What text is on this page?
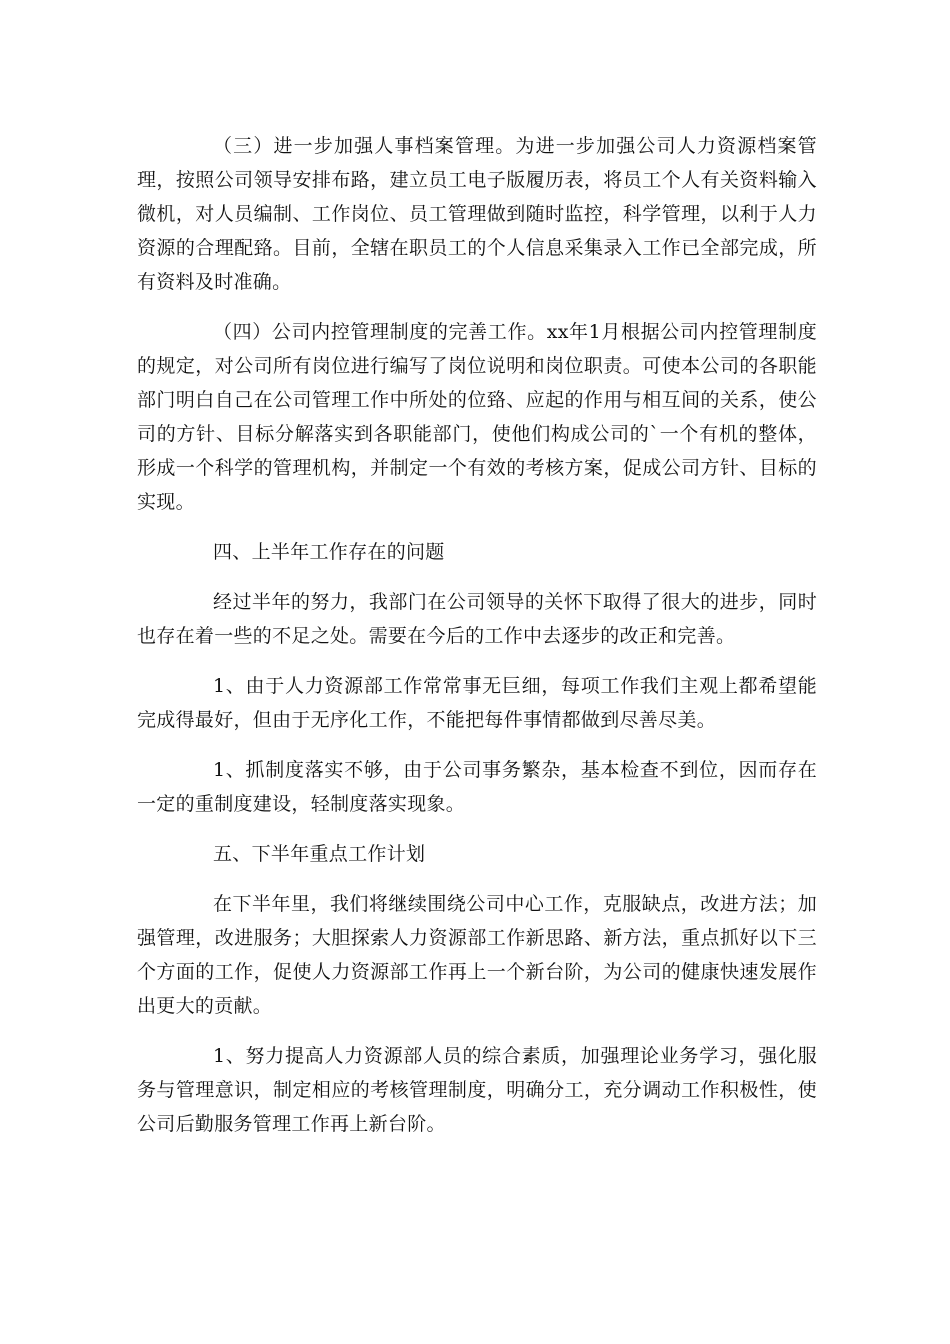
（三）进一步加强人事档案管理。为进一步加强公司人力资源档案管理，按照公司领导安排布路，建立员工电子版履历表，将员工个人有关资料输入微机，对人员编制、工作岗位、员工管理做到随时监控，科学管理，以利于人力资源的合理配臵。目前，全辖在职员工的个人信息采集录入工作已全部完成，所有资料及时准确。

（四）公司内控管理制度的完善工作。xx年1月根据公司内控管理制度的规定，对公司所有岗位进行编写了岗位说明和岗位职责。可使本公司的各职能部门明白自己在公司管理工作中所处的位臵、应起的作用与相互间的关系，使公司的方针、目标分解落实到各职能部门，使他们构成公司的`一个有机的整体，形成一个科学的管理机构，并制定一个有效的考核方案，促成公司方针、目标的实现。

四、上半年工作存在的问题

经过半年的努力，我部门在公司领导的关怀下取得了很大的进步，同时也存在着一些的不足之处。需要在今后的工作中去逐步的改正和完善。

1、由于人力资源部工作常常事无巨细，每项工作我们主观上都希望能完成得最好，但由于无序化工作，不能把每件事情都做到尽善尽美。

1、抓制度落实不够，由于公司事务繁杂，基本检查不到位，因而存在一定的重制度建设，轻制度落实现象。

五、下半年重点工作计划

在下半年里，我们将继续围绕公司中心工作，克服缺点，改进方法；加强管理，改进服务；大胆探索人力资源部工作新思路、新方法，重点抓好以下三个方面的工作，促使人力资源部工作再上一个新台阶，为公司的健康快速发展作出更大的贡献。

1、努力提高人力资源部人员的综合素质，加强理论业务学习，强化服务与管理意识，制定相应的考核管理制度，明确分工，充分调动工作积极性，使公司后勤服务管理工作再上新台阶。
